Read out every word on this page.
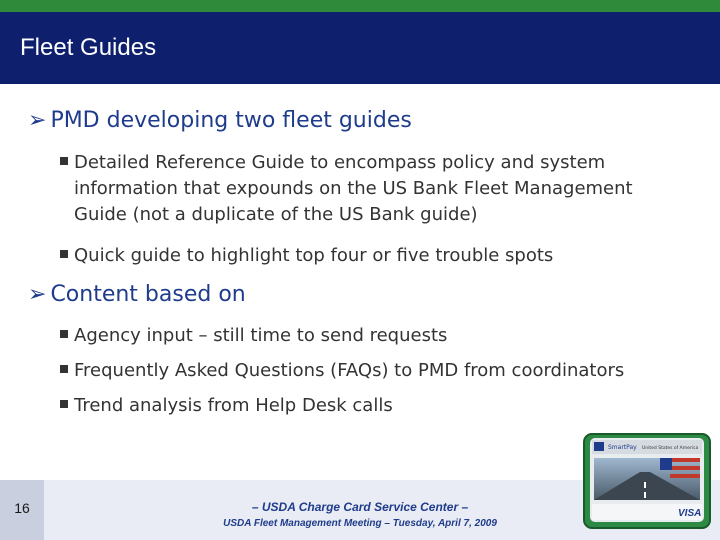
Fleet Guides
➢ PMD developing two fleet guides
Detailed Reference Guide to encompass policy and system
information that expounds on the US Bank Fleet Management
Guide (not a duplicate of the US Bank guide)
Quick guide to highlight top four or five trouble spots
➢ Content based on
Agency input – still time to send requests
Frequently Asked Questions (FAQs) to PMD from coordinators
Trend analysis from Help Desk calls
16	– USDA Charge Card Service Center –
USDA Fleet Management Meeting – Tuesday, April 7, 2009
SmartPay United States of America
VISA
